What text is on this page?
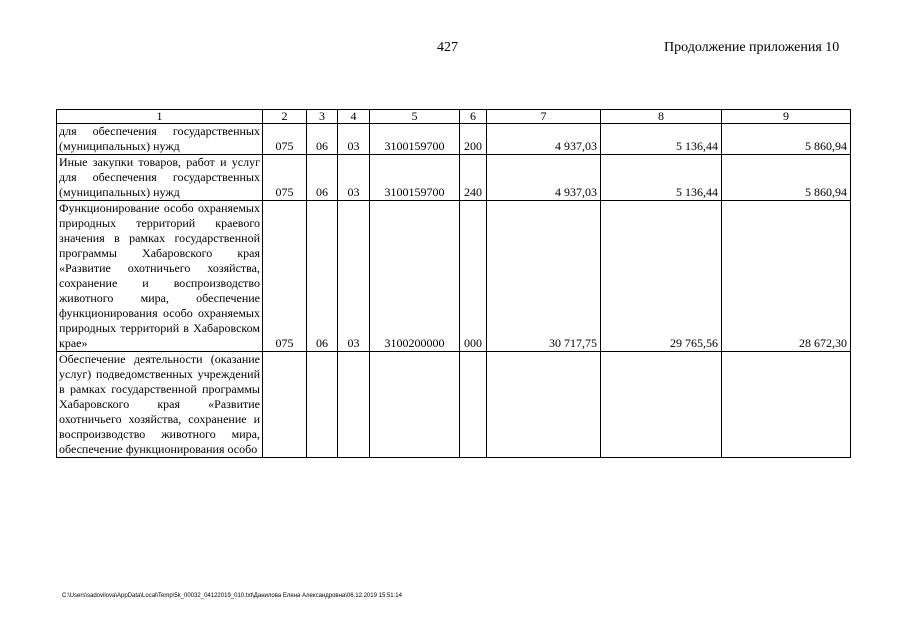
427	Продолжение приложения 10
1	2	3	4	5	6	7	8	9
для обеспечения государственных (муниципальных) нужд	075	06	03	3100159700	200	4 937,03	5 136,44	5 860,94
Иные закупки товаров, работ и услуг для обеспечения государственных (муниципальных) нужд	075	06	03	3100159700	240	4 937,03	5 136,44	5 860,94
Функционирование особо охраняемых природных территорий краевого значения в рамках государственной программы Хабаровского края «Развитие охотничьего хозяйства, сохранение и воспроизводство животного мира, обеспечение функционирования особо охраняемых природных территорий в Хабаровском крае»	075	06	03	3100200000	000	30 717,75	29 765,56	28 672,30
Обеспечение деятельности (оказание услуг) подведомственных учреждений в рамках государственной программы Хабаровского края «Развитие охотничьего хозяйства, сохранение и воспроизводство животного мира, обеспечение функционирования особо								
C:\Users\sadovilova\AppData\Local\Temp\5k_00032_04122019_010.txt\Данилова Елена Александровна\06.12.2019 15:51:14
